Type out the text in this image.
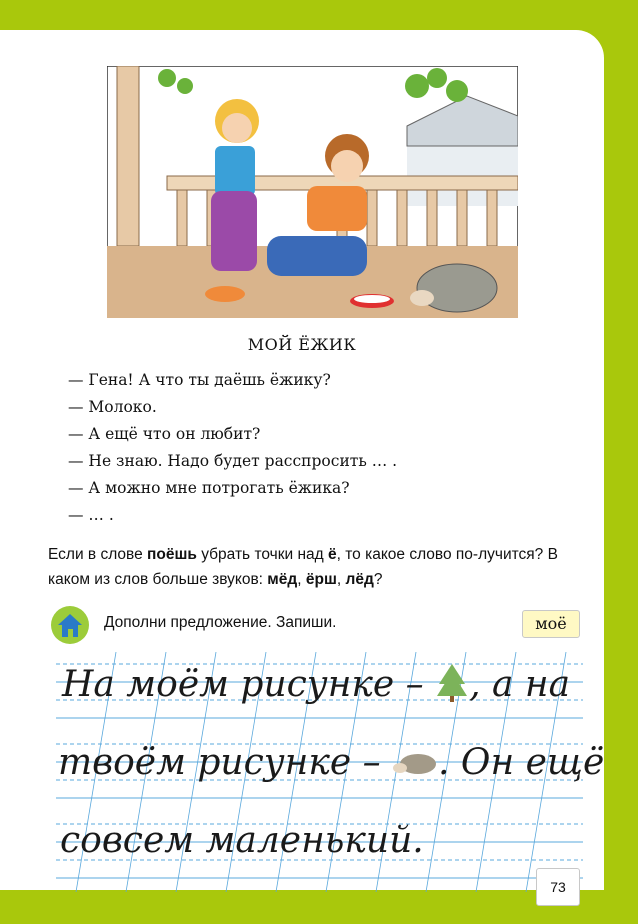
МОЙ ЁЖИК
— Гена! А что ты даёшь ёжику?
— Молоко.
— А ещё что он любит?
— Не знаю. Надо будет расспросить … .
— А можно мне потрогать ёжика?
— … .
Если в слове поёшь убрать точки над ё, то какое слово по-лучится? В каком из слов больше звуков: мёд, ёрш, лёд?
Дополни предложение. Запиши.	моё
На моём рисунке – , а на
твоём рисунке – . Он ещё
совсем маленький.
73
